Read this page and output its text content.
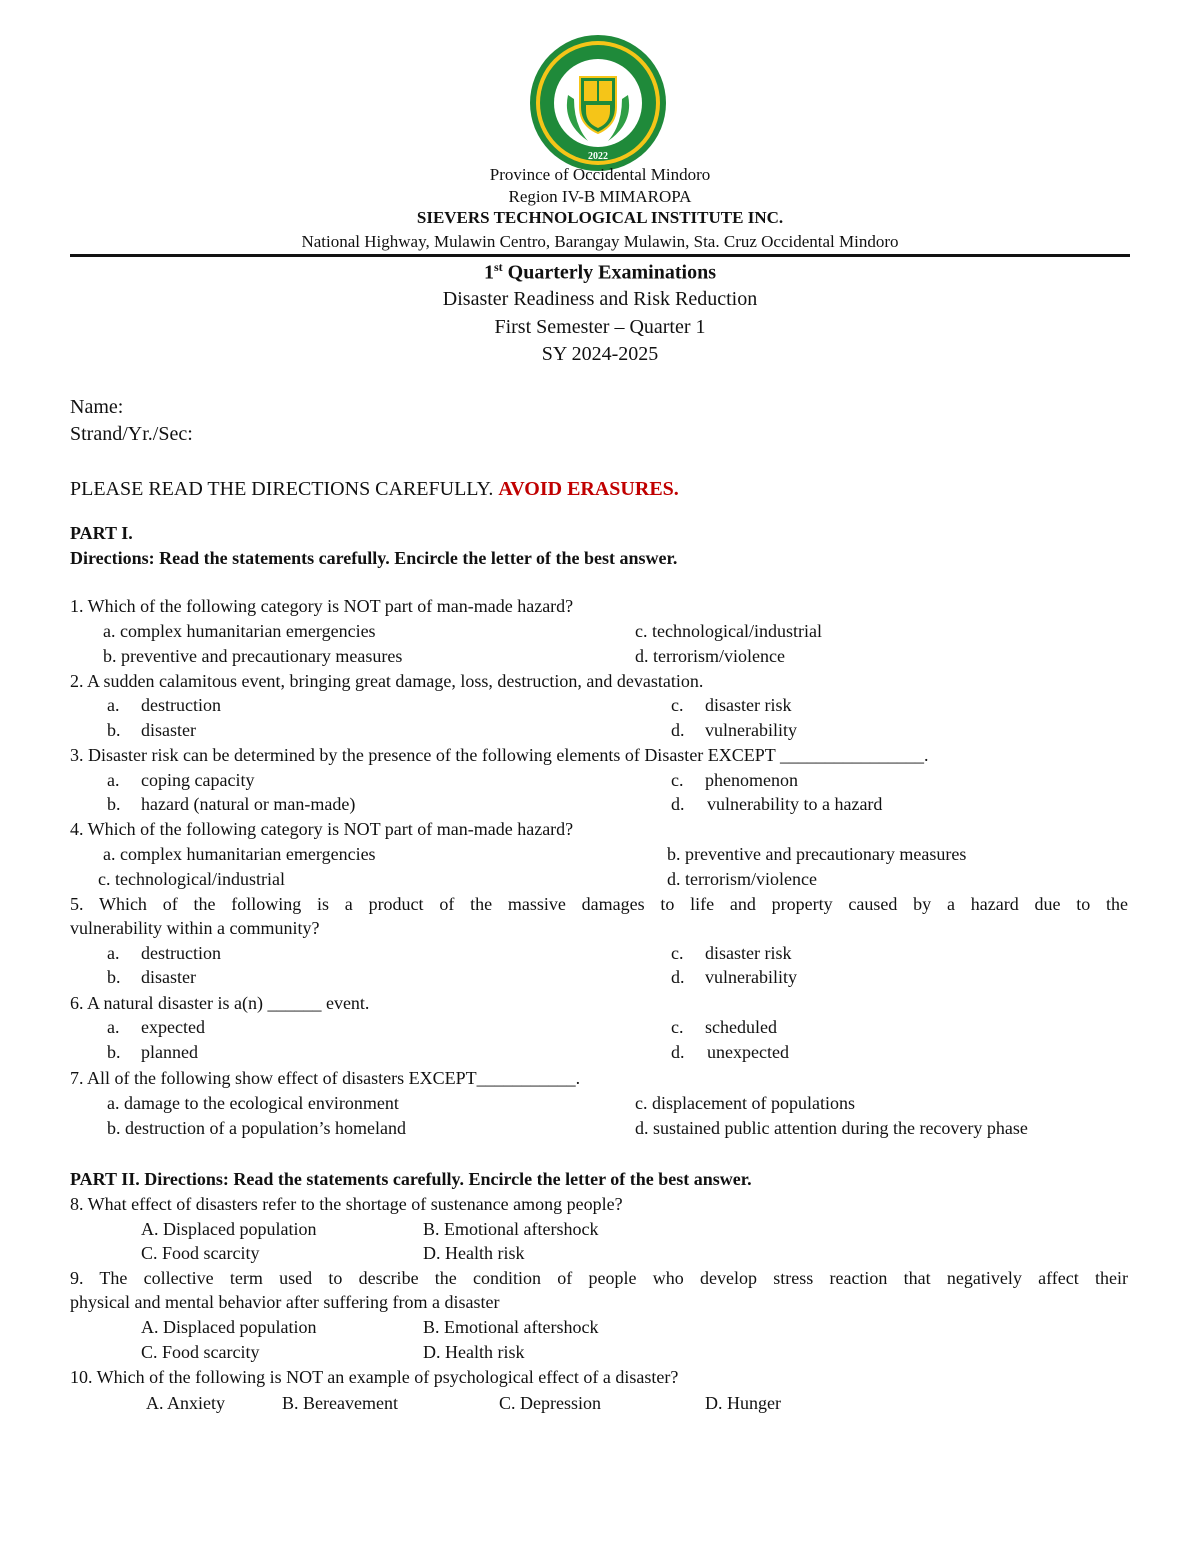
2022
Province of Occidental Mindoro
Region IV-B MIMAROPA
SIEVERS TECHNOLOGICAL INSTITUTE INC.
National Highway, Mulawin Centro, Barangay Mulawin, Sta. Cruz Occidental Mindoro
1st Quarterly Examinations
Disaster Readiness and Risk Reduction
First Semester – Quarter 1
SY 2024-2025
Name:
Strand/Yr./Sec:
PLEASE READ THE DIRECTIONS CAREFULLY. AVOID ERASURES.
PART I.
Directions: Read the statements carefully. Encircle the letter of the best answer.
1. Which of the following category is NOT part of man-made hazard?
a. complex humanitarian emergencies	c. technological/industrial
b. preventive and precautionary measures	d. terrorism/violence
2. A sudden calamitous event, bringing great damage, loss, destruction, and devastation.
a. destruction	c. disaster risk
b. disaster	d. vulnerability
3. Disaster risk can be determined by the presence of the following elements of Disaster EXCEPT ________________.
a. coping capacity	c. phenomenon
b. hazard (natural or man-made)	d. vulnerability to a hazard
4. Which of the following category is NOT part of man-made hazard?
a. complex humanitarian emergencies	b. preventive and precautionary measures
c. technological/industrial	d. terrorism/violence
5. Which of the following is a product of the massive damages to life and property caused by a hazard due to the
vulnerability within a community?
a. destruction	c. disaster risk
b. disaster	d. vulnerability
6. A natural disaster is a(n) ______ event.
a. expected	c. scheduled
b. planned	d. unexpected
7. All of the following show effect of disasters EXCEPT___________.
a. damage to the ecological environment	c. displacement of populations
b. destruction of a population’s homeland	d. sustained public attention during the recovery phase
PART II. Directions: Read the statements carefully. Encircle the letter of the best answer.
8. What effect of disasters refer to the shortage of sustenance among people?
A. Displaced population	B. Emotional aftershock
C. Food scarcity	D. Health risk
9. The collective term used to describe the condition of people who develop stress reaction that negatively affect their
physical and mental behavior after suffering from a disaster
A. Displaced population	B. Emotional aftershock
C. Food scarcity	D. Health risk
10. Which of the following is NOT an example of psychological effect of a disaster?
A. Anxiety	B. Bereavement	C. Depression	D. Hunger
